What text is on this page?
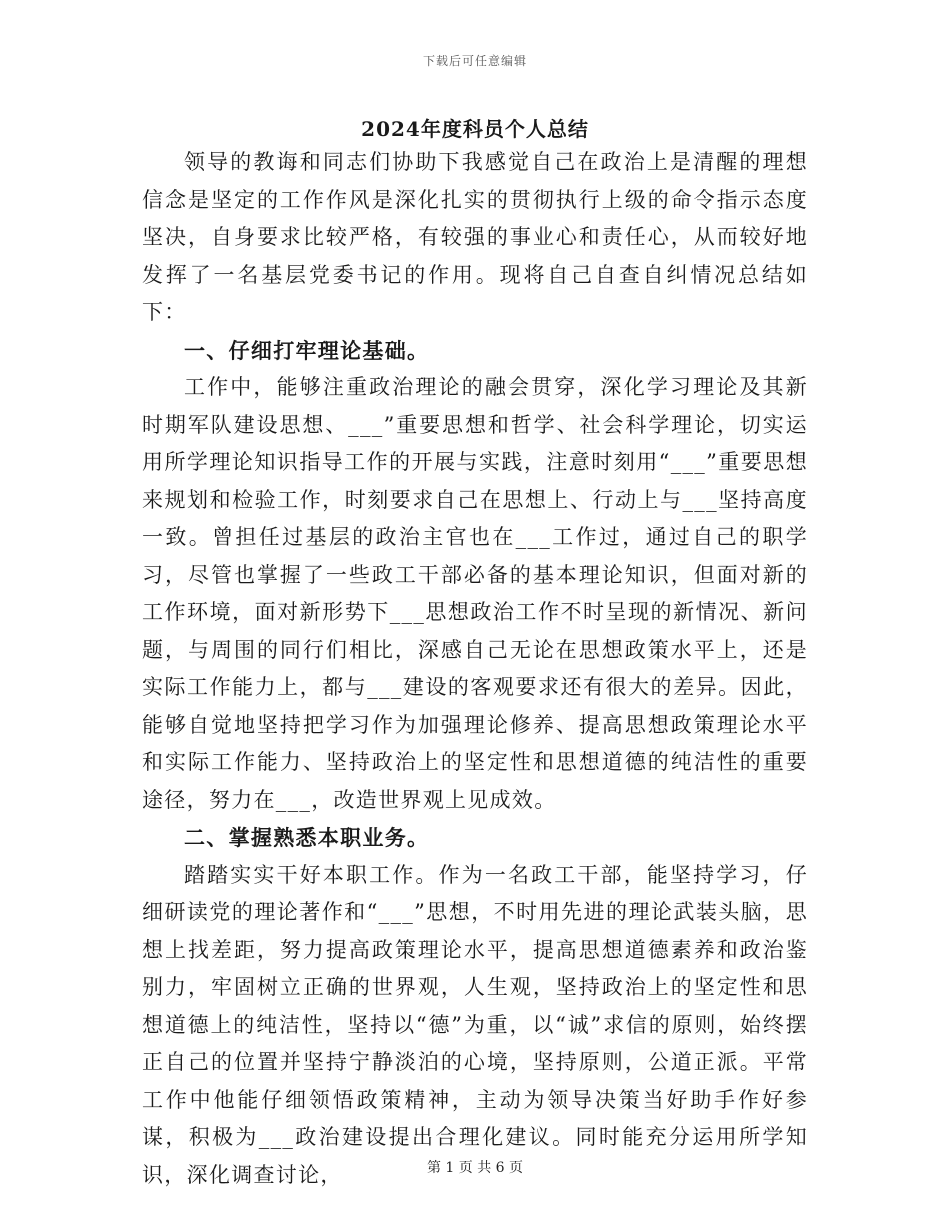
下载后可任意编辑
2024年度科员个人总结

领导的教诲和同志们协助下我感觉自己在政治上是清醒的理想信念是坚定的工作作风是深化扎实的贯彻执行上级的命令指示态度坚决，自身要求比较严格，有较强的事业心和责任心，从而较好地发挥了一名基层党委书记的作用。现将自己自查自纠情况总结如下：

一、仔细打牢理论基础。

工作中，能够注重政治理论的融会贯穿，深化学习理论及其新时期军队建设思想、___”重要思想和哲学、社会科学理论，切实运用所学理论知识指导工作的开展与实践，注意时刻用“___”重要思想来规划和检验工作，时刻要求自己在思想上、行动上与___坚持高度一致。曾担任过基层的政治主官也在___工作过，通过自己的职学习，尽管也掌握了一些政工干部必备的基本理论知识，但面对新的工作环境，面对新形势下___思想政治工作不时呈现的新情况、新问题，与周围的同行们相比，深感自己无论在思想政策水平上，还是实际工作能力上，都与___建设的客观要求还有很大的差异。因此，能够自觉地坚持把学习作为加强理论修养、提高思想政策理论水平和实际工作能力、坚持政治上的坚定性和思想道德的纯洁性的重要途径，努力在___，改造世界观上见成效。

二、掌握熟悉本职业务。

踏踏实实干好本职工作。作为一名政工干部，能坚持学习，仔细研读党的理论著作和“___”思想，不时用先进的理论武装头脑，思想上找差距，努力提高政策理论水平，提高思想道德素养和政治鉴别力，牢固树立正确的世界观，人生观，坚持政治上的坚定性和思想道德上的纯洁性，坚持以“德”为重，以“诚”求信的原则，始终摆正自己的位置并坚持宁静淡泊的心境，坚持原则，公道正派。平常工作中他能仔细领悟政策精神，主动为领导决策当好助手作好参谋，积极为___政治建设提出合理化建议。同时能充分运用所学知识，深化调查讨论，	第 1 页 共 6 页
